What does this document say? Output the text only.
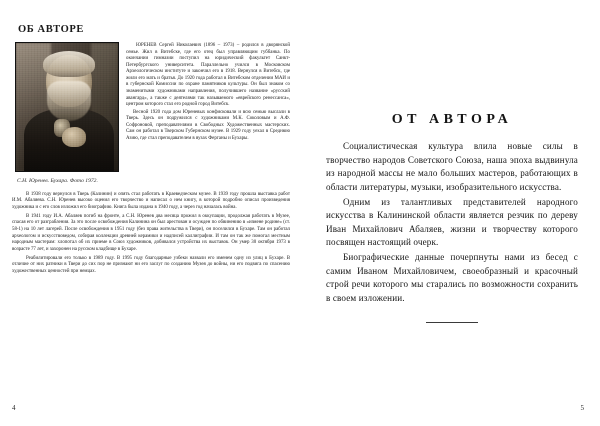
ОБ АВТОРЕ
С.Н. Юренев. Бухара. Фото 1972.

ЮРЕНЕВ Сергей Николаевич (1896 – 1973) – родился в дворянской семье. Жил в Витебске, где его отец был управляющим губбанка. По окончании гимназии поступил на юридический факультет Санкт-Петербургского университета. Параллельно учился в Московском Археологическом институте и закончил его в 1918. Вернулся в Витебск, где жили его мать и братья. До 1920 года работал в Витебском отделении МАИ и в губернской Комиссии по охране памятников культуры. Он был знаком со знаменитыми художниками направления, получившего название «русский авангард», а также с деятелями так называемого «еврейского ренессанса», центром которого стал его родной город Витебск.

Весной 1920 года дом Юреневых конфисковали и всю семью выслали в Тверь. Здесь он подружился с художниками М.К. Соколовым и А.Ф. Софроновой, преподавателями в Свободных Художественных мастерских. Сам он работал в Тверском Губернском музее. В 1929 году уехал в Среднюю Азию, где стал преподавателем в вузах Ферганы и Бухары.

В 1938 году вернулся в Тверь (Калинин) и опять стал работать в Краеведческом музее. В 1939 году прошла выставка работ И.М. Абаляева. С.Н. Юренев высоко оценил его творчество и написал о нем книгу, в которой подробно описал произведения художника и с его слов изложил его биографию. Книга была издана в 1940 году, а через год началась война.

В 1941 году И.А. Абаляев погиб на фронте, а С.Н. Юренев два месяца прожил в оккупации, продолжая работать в Музее, спасая его от разграбления. За это после освобождения Калинина он был арестован и осужден по обвинению в «измене родине» (ст. 58-1) на 10 лет лагерей. После освобождения в 1951 году (без права жительства в Твери), он поселился в Бухаре. Там он работал археологом и искусствоведом, собирая коллекции древней керамики и надписей каллиграфии. И там он так же помогал местным народным мастерам: хлопотал об их приеме в Союз художников, добивался устройства их выставок. Он умер 30 октября 1973 в возрасте 77 лет, и захоронен на русском кладбище в Бухаре.

Реабилитировали его только в 1989 году. В 1995 году благодарные узбеки назвали его именем одну из улиц в Бухаре. В отличие от них ратники в Твери до сих пор не признают ни его заслуг по созданию Музея до войны, ни его подвига по спасению художественных ценностей при немцах.

4
ОТ АВТОРА

Социалистическая культура влила новые силы в творчество народов Советского Союза, наша эпоха выдвинула из народной массы не мало больших мастеров, работающих в области литературы, музыки, изобразительного искусства.

Одним из талантливых представителей народного искусства в Калининской области является резчик по дереву Иван Михайлович Абаляев, жизни и творчеству которого посвящен настоящий очерк.

Биографические данные почерпнуты нами из бесед с самим Иваном Михайловичем, своеобразный и красочный строй речи которого мы старались по возможности сохранить в своем изложении.

5
